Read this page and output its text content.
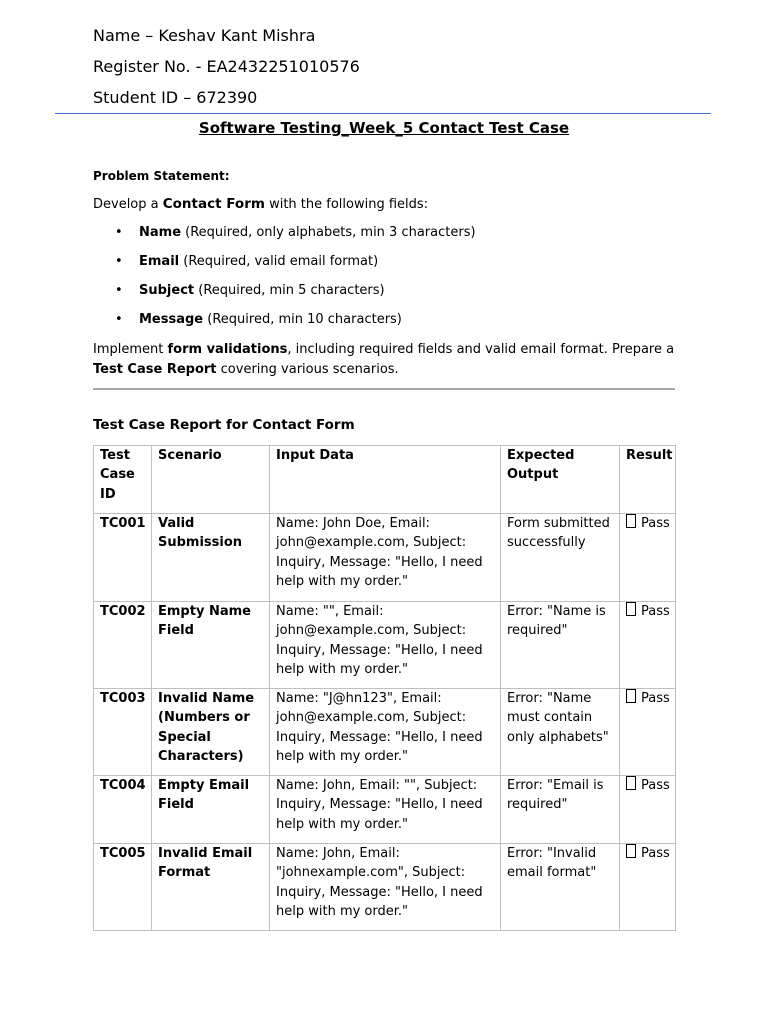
Name – Keshav Kant Mishra
Register No. - EA2432251010576
Student ID – 672390
Software Testing_Week_5 Contact Test Case
Problem Statement:
Develop a Contact Form with the following fields:
• Name (Required, only alphabets, min 3 characters)
• Email (Required, valid email format)
• Subject (Required, min 5 characters)
• Message (Required, min 10 characters)
Implement form validations, including required fields and valid email format. Prepare a Test Case Report covering various scenarios.
Test Case Report for Contact Form
Test Case ID	Scenario	Input Data	Expected Output	Result
TC001	Valid Submission	Name: John Doe, Email: john@example.com, Subject: Inquiry, Message: "Hello, I need help with my order."	Form submitted successfully	Pass
TC002	Empty Name Field	Name: "", Email: john@example.com, Subject: Inquiry, Message: "Hello, I need help with my order."	Error: "Name is required"	Pass
TC003	Invalid Name (Numbers or Special Characters)	Name: "J@hn123", Email: john@example.com, Subject: Inquiry, Message: "Hello, I need help with my order."	Error: "Name must contain only alphabets"	Pass
TC004	Empty Email Field	Name: John, Email: "", Subject: Inquiry, Message: "Hello, I need help with my order."	Error: "Email is required"	Pass
TC005	Invalid Email Format	Name: John, Email: "johnexample.com", Subject: Inquiry, Message: "Hello, I need help with my order."	Error: "Invalid email format"	Pass
